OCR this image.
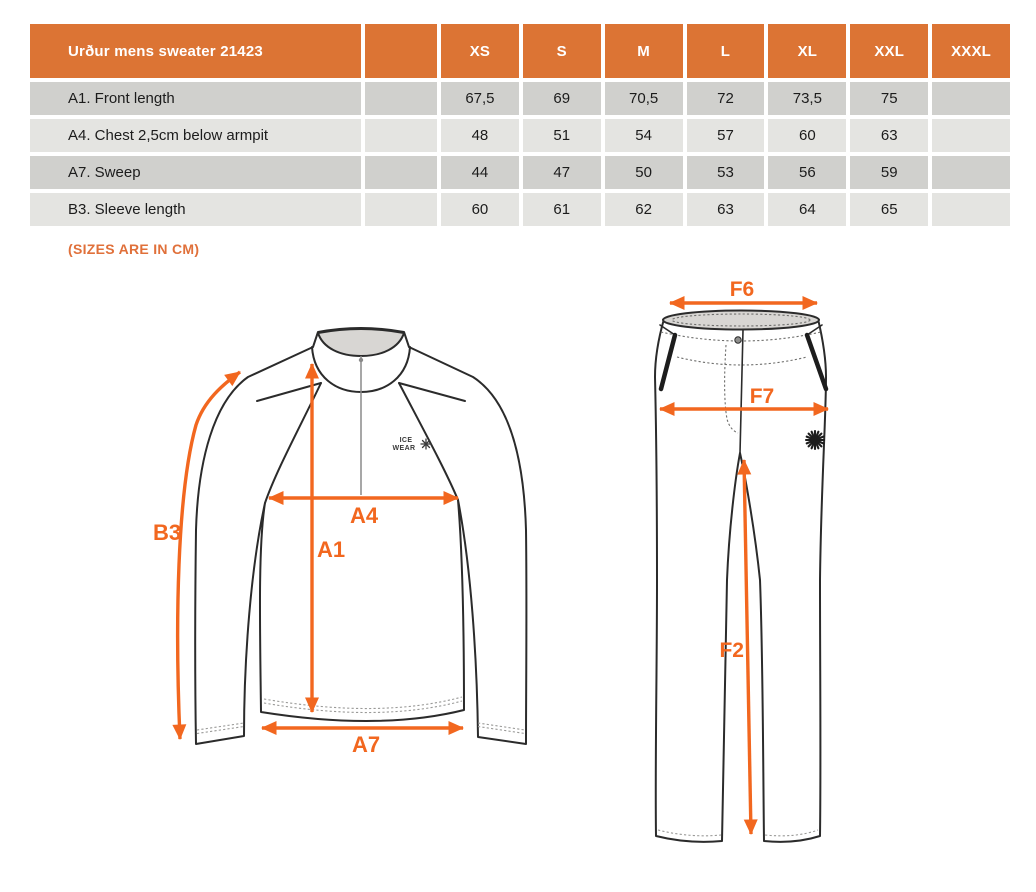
Urður mens sweater 21423	XS	S	M	L	XL	XXL	XXXL
A1. Front length	67,5	69	70,5	72	73,5	75
A4. Chest 2,5cm below armpit	48	51	54	57	60	63
A7. Sweep	44	47	50	53	56	59
B3. Sleeve length	60	61	62	63	64	65
(SIZES ARE IN CM)
ICE
WEAR
B3
A4
A1
A7
F6
F7
F2
